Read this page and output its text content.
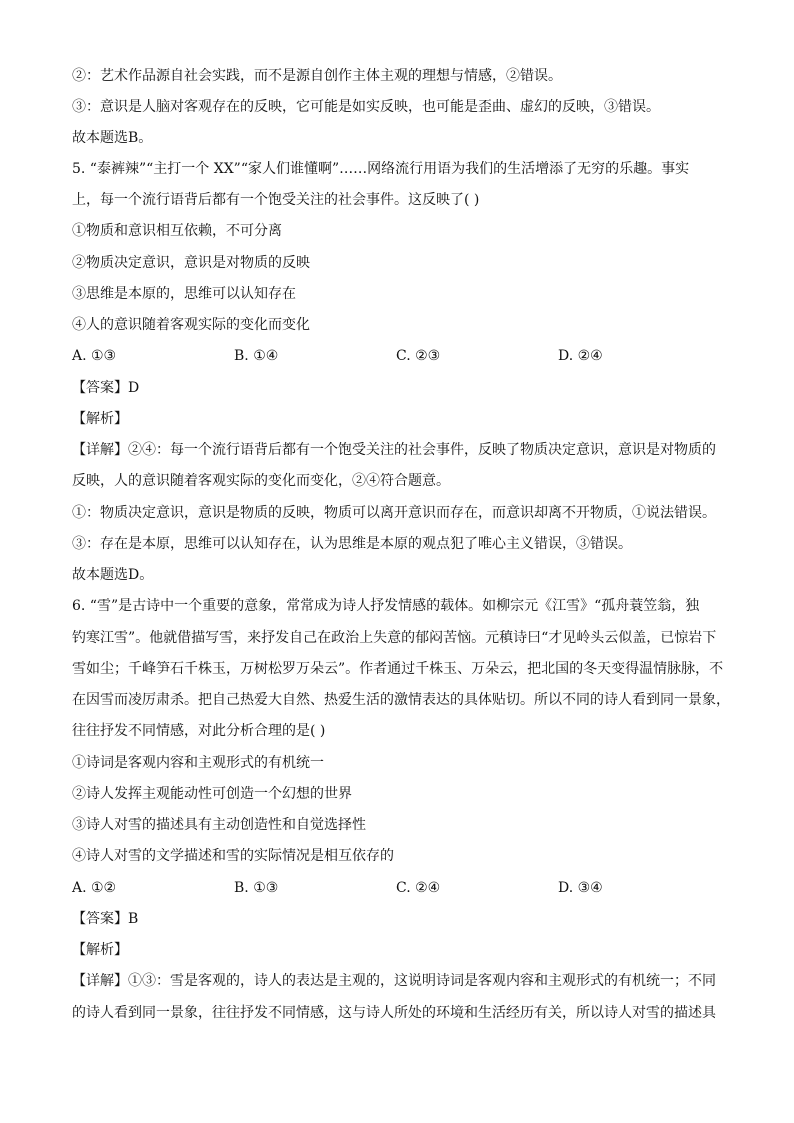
②：艺术作品源自社会实践，而不是源自创作主体主观的理想与情感，②错误。
③：意识是人脑对客观存在的反映，它可能是如实反映，也可能是歪曲、虚幻的反映，③错误。
故本题选B。
5. “泰裤辣”“主打一个 XX”“家人们谁懂啊”……网络流行用语为我们的生活增添了无穷的乐趣。事实
上，每一个流行语背后都有一个饱受关注的社会事件。这反映了( )
①物质和意识相互依赖，不可分离
②物质决定意识，意识是对物质的反映
③思维是本原的，思维可以认知存在
④人的意识随着客观实际的变化而变化
A. ①③	B. ①④	C. ②③	D. ②④
【答案】D
【解析】
【详解】②④：每一个流行语背后都有一个饱受关注的社会事件，反映了物质决定意识，意识是对物质的
反映，人的意识随着客观实际的变化而变化，②④符合题意。
①：物质决定意识，意识是物质的反映，物质可以离开意识而存在，而意识却离不开物质，①说法错误。
③：存在是本原，思维可以认知存在，认为思维是本原的观点犯了唯心主义错误，③错误。
故本题选D。
6. “雪”是古诗中一个重要的意象，常常成为诗人抒发情感的载体。如柳宗元《江雪》“孤舟蓑笠翁，独
钓寒江雪”。他就借描写雪，来抒发自己在政治上失意的郁闷苦恼。元稹诗曰“才见岭头云似盖，已惊岩下
雪如尘；千峰笋石千株玉，万树松罗万朵云”。作者通过千株玉、万朵云，把北国的冬天变得温情脉脉，不
在因雪而凌厉肃杀。把自己热爱大自然、热爱生活的激情表达的具体贴切。所以不同的诗人看到同一景象，
往往抒发不同情感，对此分析合理的是( )
①诗词是客观内容和主观形式的有机统一
②诗人发挥主观能动性可创造一个幻想的世界
③诗人对雪的描述具有主动创造性和自觉选择性
④诗人对雪的文学描述和雪的实际情况是相互依存的
A. ①②	B. ①③	C. ②④	D. ③④
【答案】B
【解析】
【详解】①③：雪是客观的，诗人的表达是主观的，这说明诗词是客观内容和主观形式的有机统一；不同
的诗人看到同一景象，往往抒发不同情感，这与诗人所处的环境和生活经历有关，所以诗人对雪的描述具
